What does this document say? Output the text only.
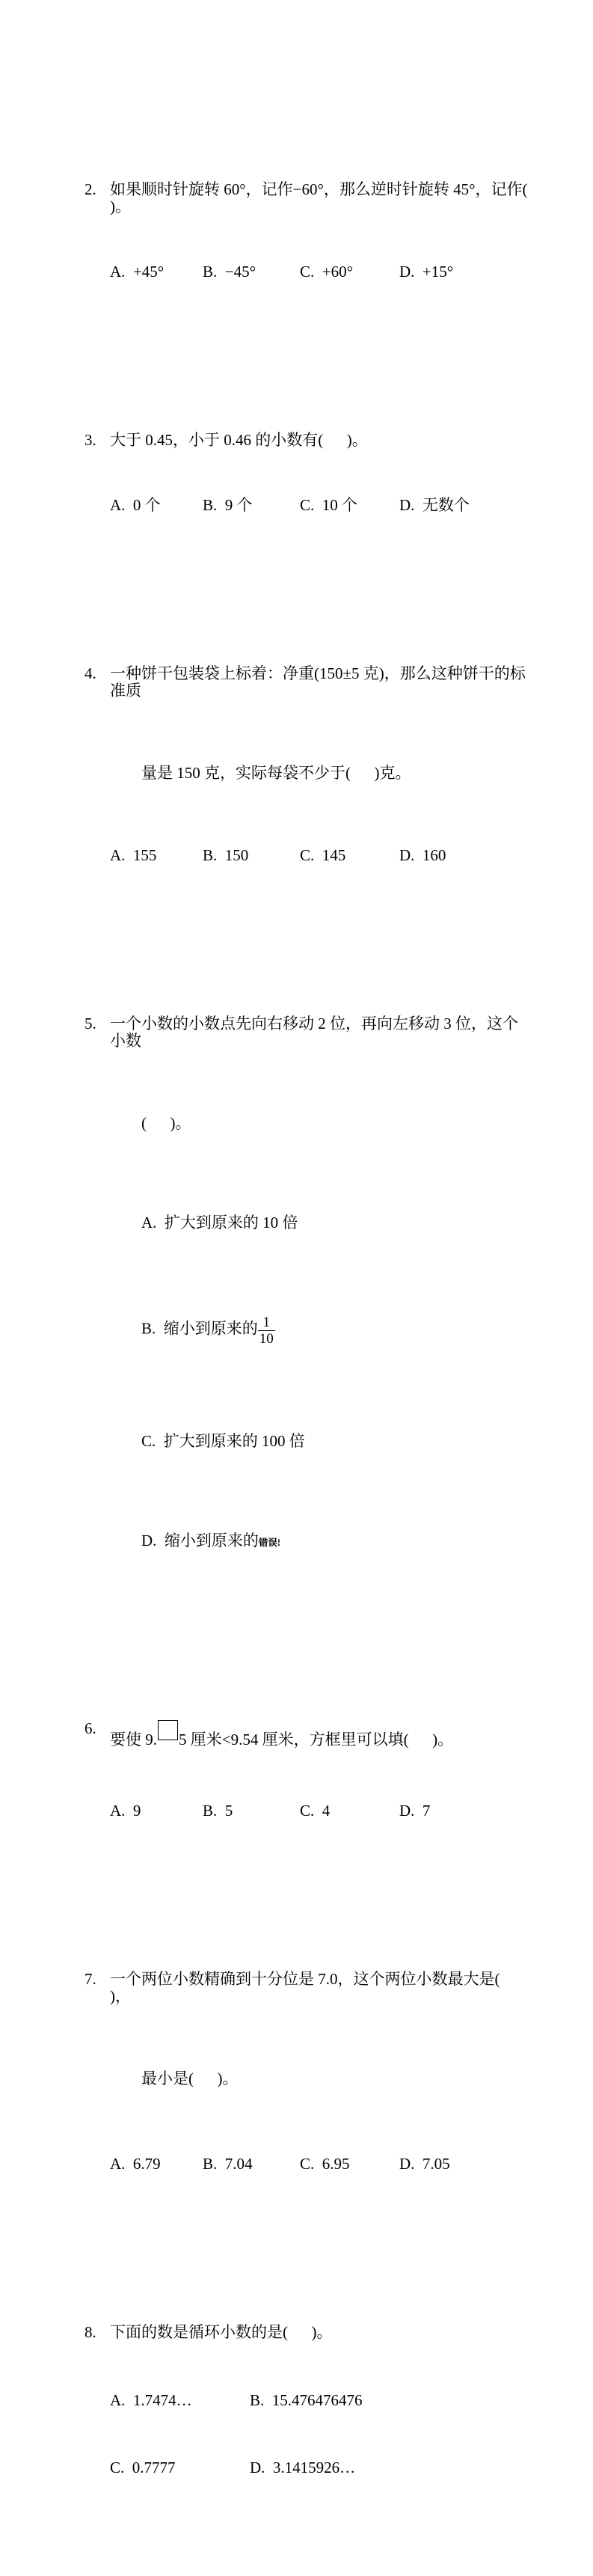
2. 如果顺时针旋转 60°，记作−60°，那么逆时针旋转 45°，记作(      )。

A.  +45°	B.  −45°	C.  +60°	D.  +15°

3. 大于 0.45，小于 0.46 的小数有(      )。

A.  0 个	B.  9 个	C.  10 个	D.  无数个

4. 一种饼干包装袋上标着：净重(150±5 克)，那么这种饼干的标准质

量是 150 克，实际每袋不少于(      )克。

A.  155	B.  150	C.  145	D.  160

5. 一个小数的小数点先向右移动 2 位，再向左移动 3 位，这个小数

(      )。

A.  扩大到原来的 10 倍

B.  缩小到原来的 $\frac{1}{10}$

C.  扩大到原来的 100 倍

D.  缩小到原来的错误!

6.
要使 9. 5 厘米<9.54 厘米，方框里可以填(      )。

A.  9	B.  5	C.  4	D.  7

7. 一个两位小数精确到十分位是 7.0，这个两位小数最大是(      )，

最小是(      )。

A.  6.79	B.  7.04	C.  6.95	D.  7.05

8. 下面的数是循环小数的是(      )。

A.  1.7474…	B.  15.476476476

C.  0.7777	D.  3.1415926…
